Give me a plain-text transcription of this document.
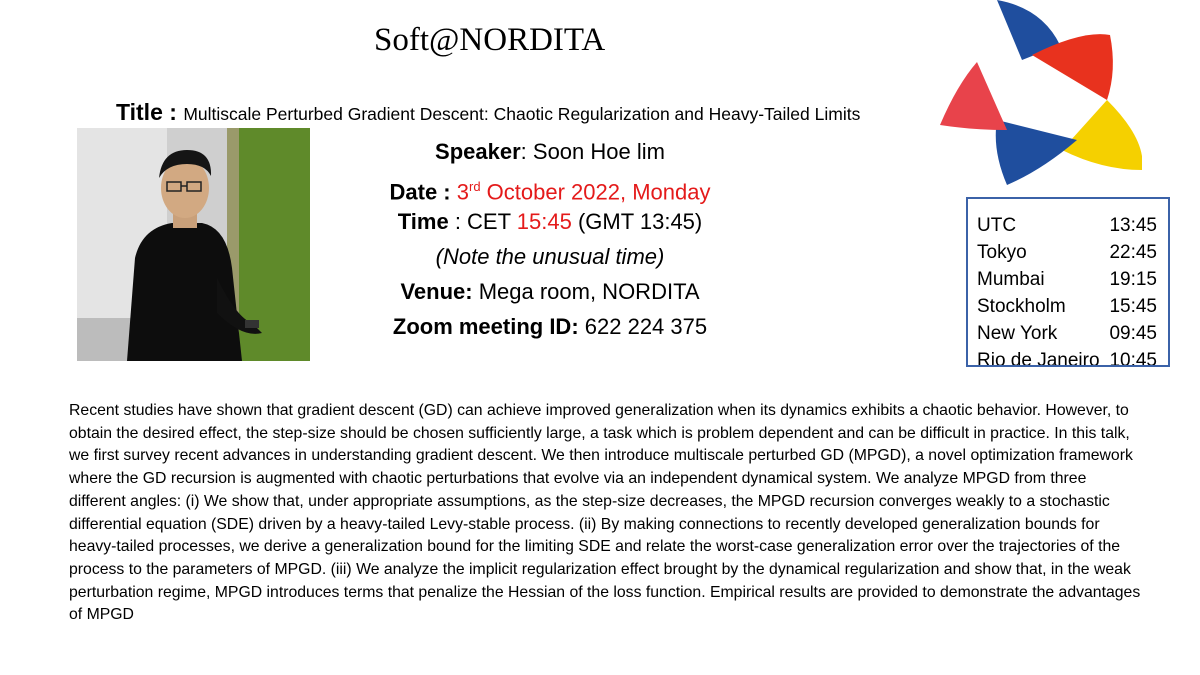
Soft@NORDITA
Title : Multiscale Perturbed Gradient Descent: Chaotic Regularization and Heavy-Tailed Limits
Speaker: Soon Hoe lim
Date : 3rd October 2022, Monday
Time : CET 15:45 (GMT 13:45)
(Note the unusual time)
Venue: Mega room, NORDITA
Zoom meeting ID: 622 224 375
UTC	13:45
Tokyo	22:45
Mumbai	19:15
Stockholm 15:45
New York	09:45
Rio de Janeiro 10:45
Recent studies have shown that gradient descent (GD) can achieve improved generalization when its dynamics exhibits a chaotic behavior. However, to obtain the desired effect, the step-size should be chosen sufficiently large, a task which is problem dependent and can be difficult in practice. In this talk, we first survey recent advances in understanding gradient descent. We then introduce multiscale perturbed GD (MPGD), a novel optimization framework where the GD recursion is augmented with chaotic perturbations that evolve via an independent dynamical system. We analyze MPGD from three different angles: (i) We show that, under appropriate assumptions, as the step-size decreases, the MPGD recursion converges weakly to a stochastic differential equation (SDE) driven by a heavy-tailed Levy-stable process. (ii) By making connections to recently developed generalization bounds for heavy-tailed processes, we derive a generalization bound for the limiting SDE and relate the worst-case generalization error over the trajectories of the process to the parameters of MPGD. (iii) We analyze the implicit regularization effect brought by the dynamical regularization and show that, in the weak perturbation regime, MPGD introduces terms that penalize the Hessian of the loss function. Empirical results are provided to demonstrate the advantages of MPGD
